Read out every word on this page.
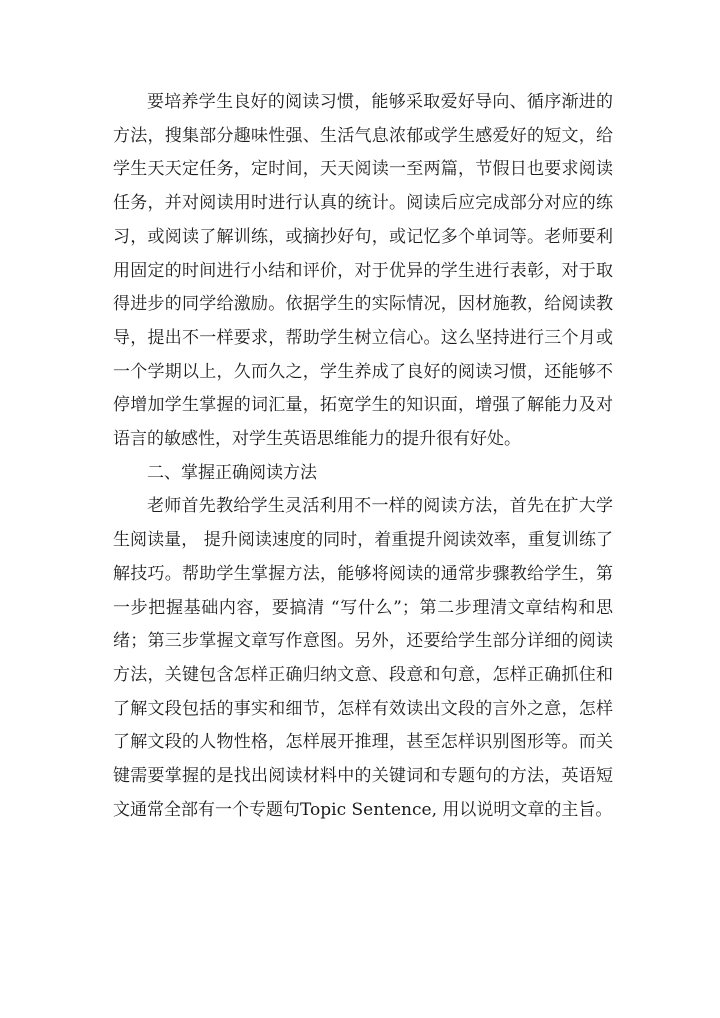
要培养学生良好的阅读习惯，能够采取爱好导向、循序渐进的方法，搜集部分趣味性强、生活气息浓郁或学生感爱好的短文，给学生天天定任务，定时间，天天阅读一至两篇，节假日也要求阅读任务，并对阅读用时进行认真的统计。阅读后应完成部分对应的练习，或阅读了解训练，或摘抄好句，或记忆多个单词等。老师要利用固定的时间进行小结和评价，对于优异的学生进行表彰，对于取得进步的同学给激励。依据学生的实际情况，因材施教，给阅读教导，提出不一样要求，帮助学生树立信心。这么坚持进行三个月或一个学期以上，久而久之，学生养成了良好的阅读习惯，还能够不停增加学生掌握的词汇量，拓宽学生的知识面，增强了解能力及对语言的敏感性，对学生英语思维能力的提升很有好处。

二、掌握正确阅读方法

老师首先教给学生灵活利用不一样的阅读方法，首先在扩大学生阅读量， 提升阅读速度的同时，着重提升阅读效率，重复训练了解技巧。帮助学生掌握方法，能够将阅读的通常步骤教给学生，第一步把握基础内容，要搞清 “写什么”；第二步理清文章结构和思绪；第三步掌握文章写作意图。另外，还要给学生部分详细的阅读方法，关键包含怎样正确归纳文意、段意和句意，怎样正确抓住和了解文段包括的事实和细节，怎样有效读出文段的言外之意，怎样了解文段的人物性格，怎样展开推理，甚至怎样识别图形等。而关键需要掌握的是找出阅读材料中的关键词和专题句的方法，英语短文通常全部有一个专题句Topic Sentence, 用以说明文章的主旨。
